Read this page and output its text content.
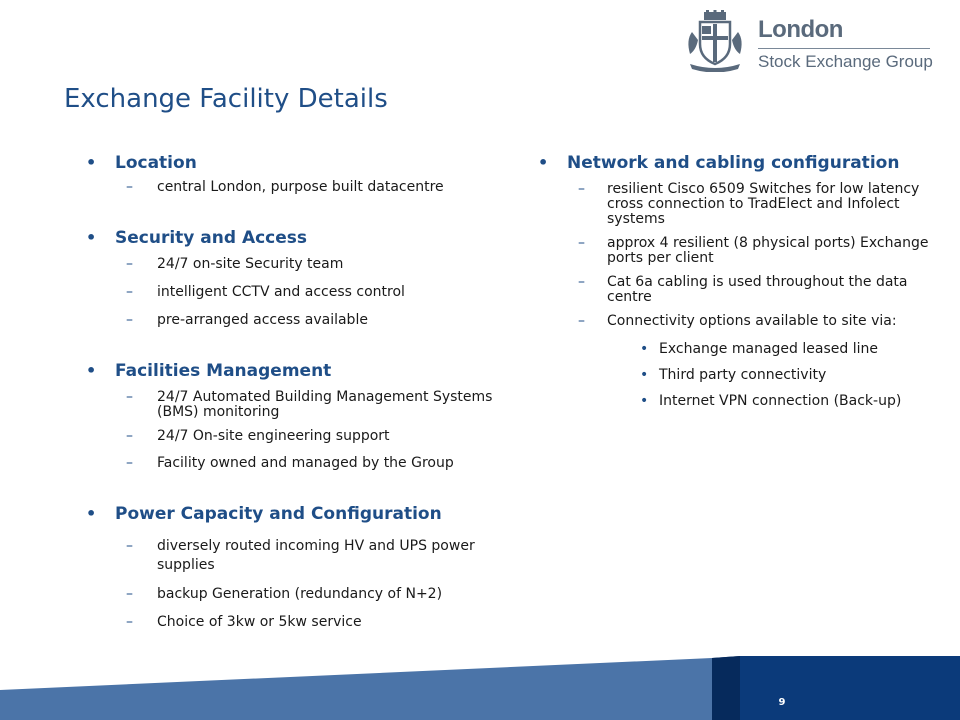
London
Stock Exchange Group
Exchange Facility Details
• Location
– central London, purpose built datacentre
• Security and Access
– 24/7 on-site Security team
– intelligent CCTV and access control
– pre-arranged access available
• Facilities Management
– 24/7 Automated Building Management Systems (BMS) monitoring
– 24/7 On-site engineering support
– Facility owned and managed by the Group
• Power Capacity and Configuration
– diversely routed incoming HV and UPS power supplies
– backup Generation (redundancy of N+2)
– Choice of 3kw or 5kw service
• Network and cabling configuration
– resilient Cisco 6509 Switches for low latency cross connection to TradElect and Infolect systems
– approx 4 resilient (8 physical ports) Exchange ports per client
– Cat 6a cabling is used throughout the data centre
– Connectivity options available to site via:
• Exchange managed leased line
• Third party connectivity
• Internet VPN connection (Back-up)
9
